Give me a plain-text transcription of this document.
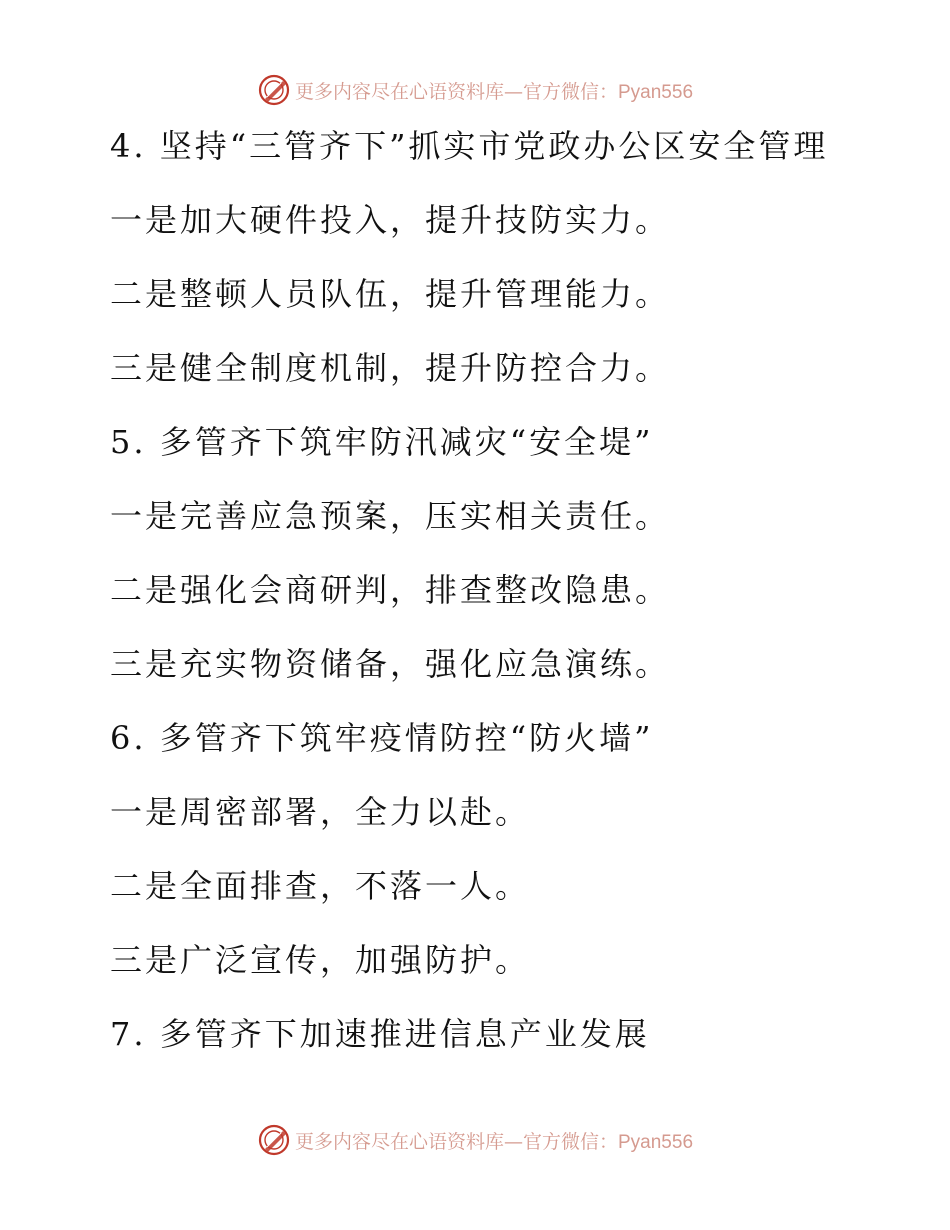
更多内容尽在心语资料库—官方微信：Pyan556
4. 坚持“三管齐下”抓实市党政办公区安全管理
一是加大硬件投入，提升技防实力。
二是整顿人员队伍，提升管理能力。
三是健全制度机制，提升防控合力。
5. 多管齐下筑牢防汛减灾“安全堤”
一是完善应急预案，压实相关责任。
二是强化会商研判，排查整改隐患。
三是充实物资储备，强化应急演练。
6. 多管齐下筑牢疫情防控“防火墙”
一是周密部署，全力以赴。
二是全面排查，不落一人。
三是广泛宣传，加强防护。
7. 多管齐下加速推进信息产业发展
更多内容尽在心语资料库—官方微信：Pyan556
